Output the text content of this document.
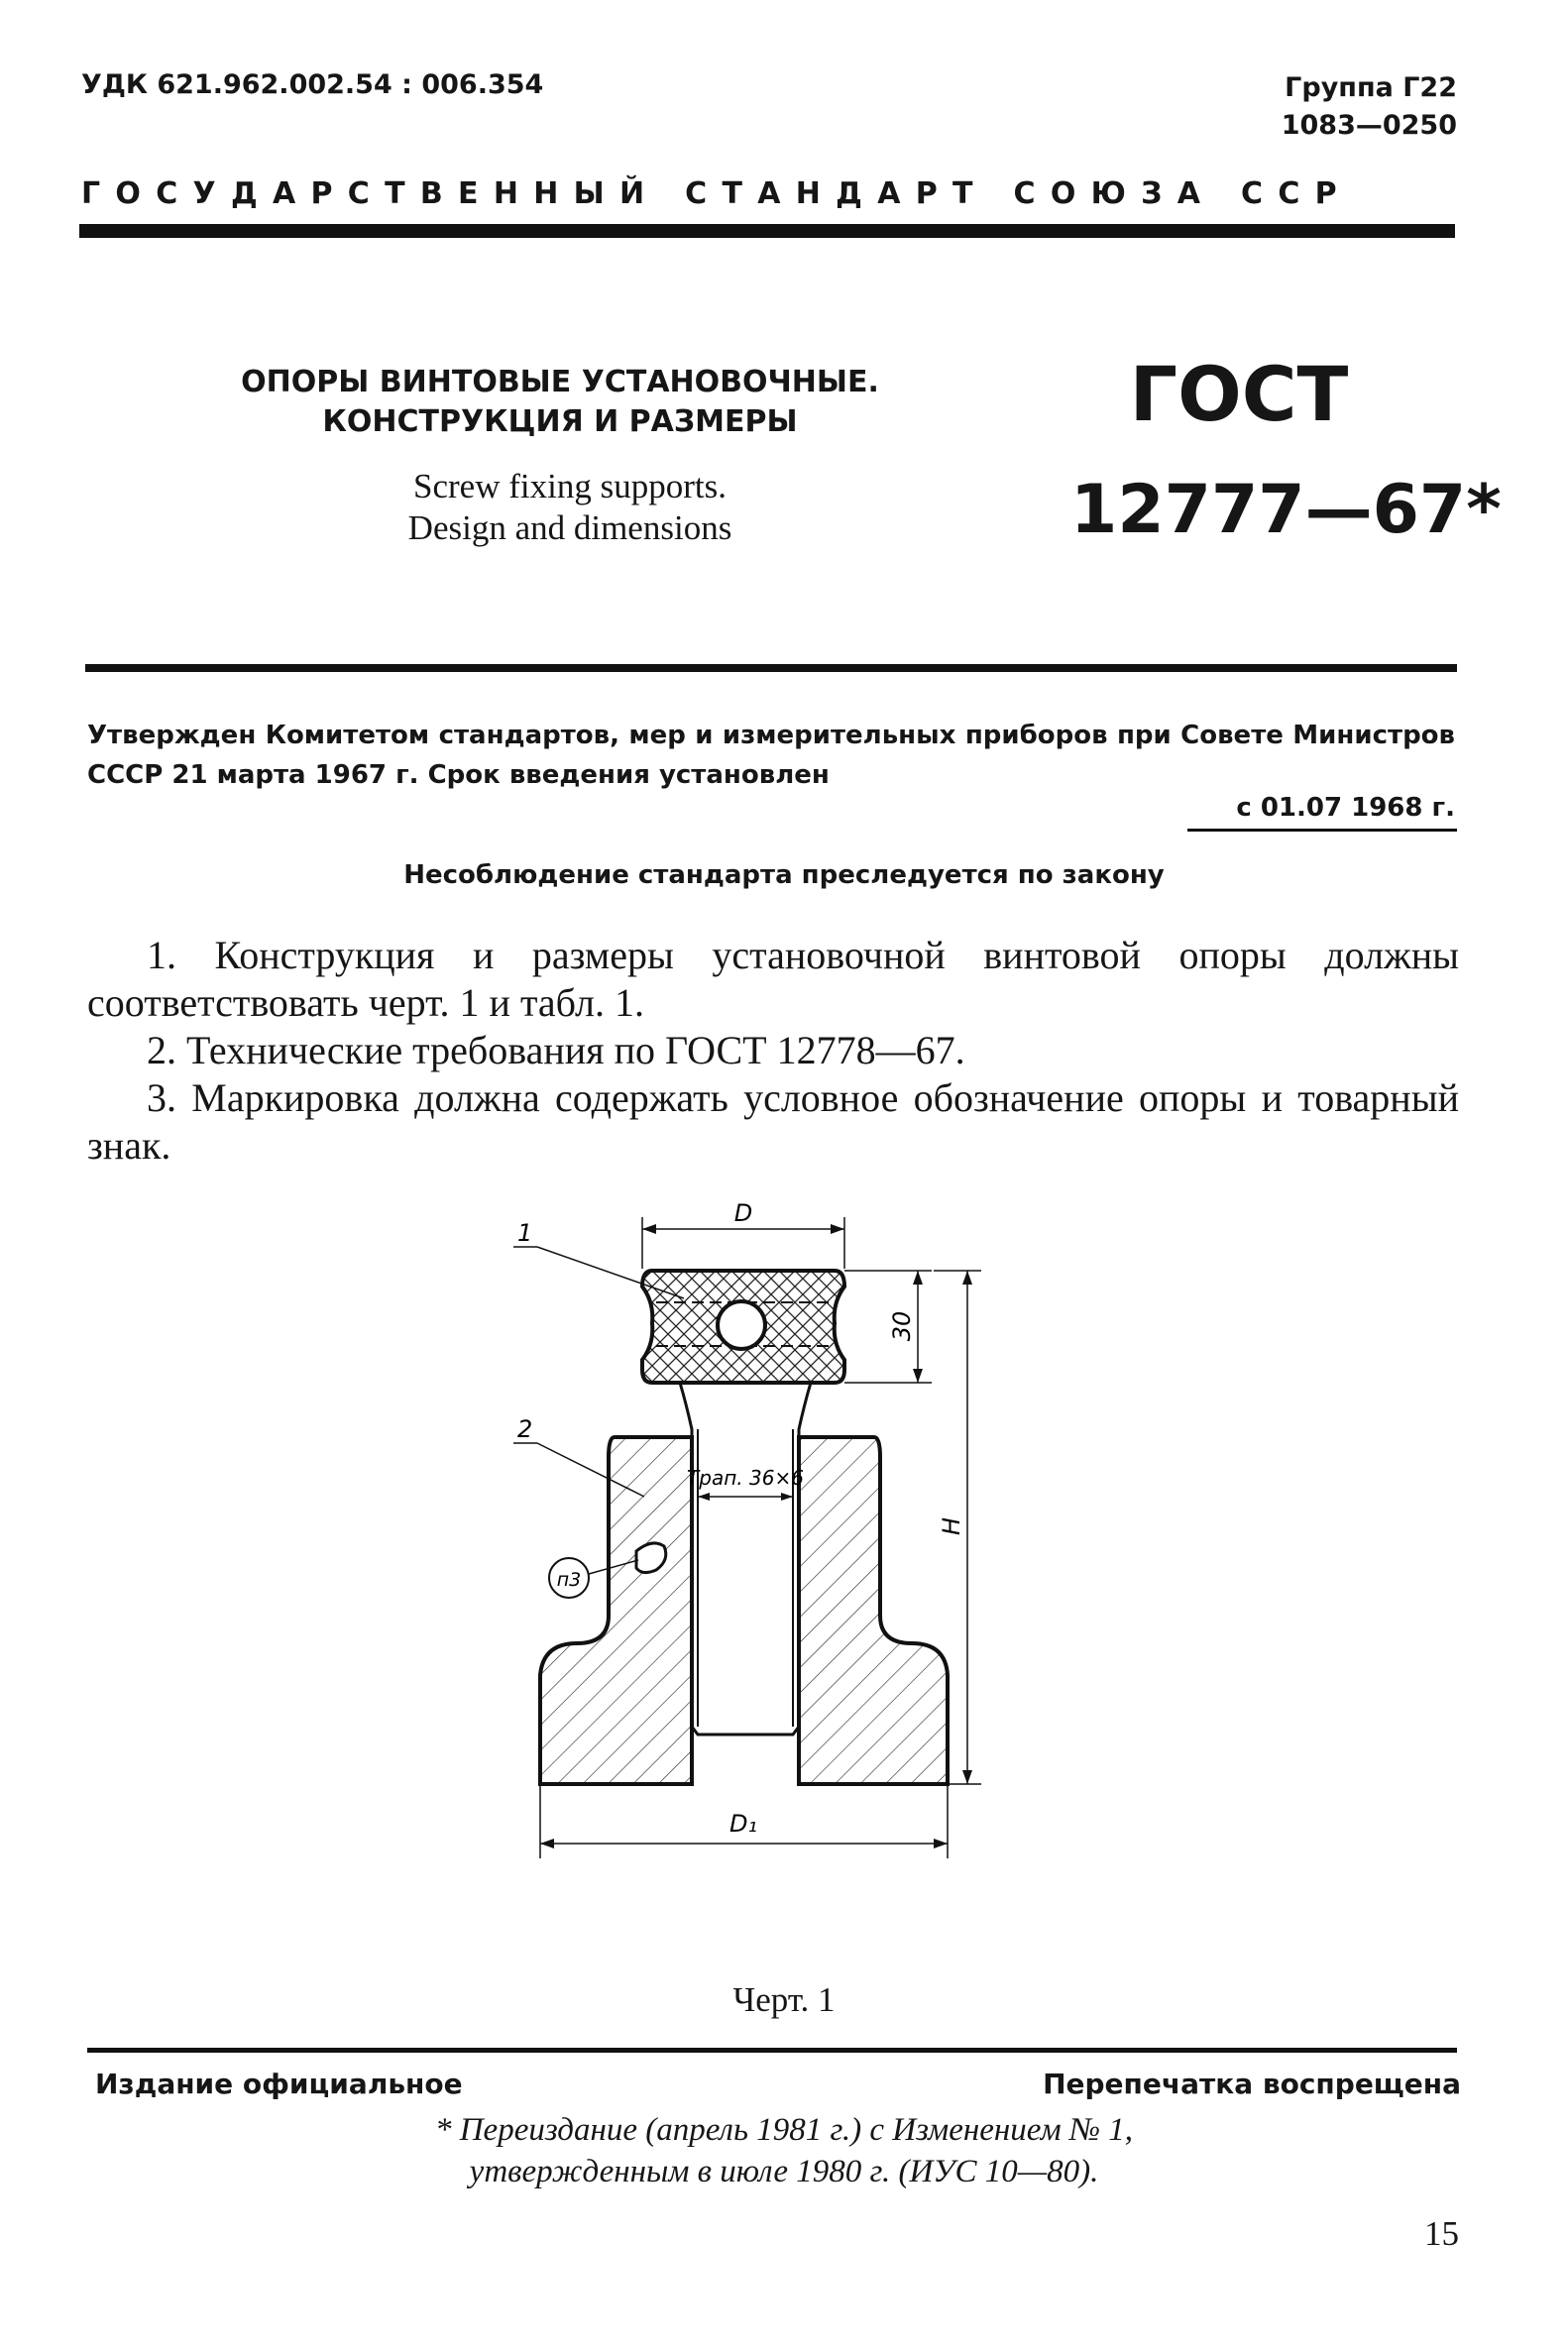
УДК 621.962.002.54 : 006.354	Группа Г22
1083—0250
ГОСУДАРСТВЕННЫЙ СТАНДАРТ СОЮЗА ССР
ОПОРЫ ВИНТОВЫЕ УСТАНОВОЧНЫЕ.
КОНСТРУКЦИЯ И РАЗМЕРЫ
Screw fixing supports.
Design and dimensions
ГОСТ
12777—67*
Утвержден Комитетом стандартов, мер и измерительных приборов при Совете Министров СССР 21 марта 1967 г. Срок введения установлен
с 01.07 1968 г.
Несоблюдение стандарта преследуется по закону
1. Конструкция и размеры установочной винтовой опоры должны соответствовать черт. 1 и табл. 1.
2. Технические требования по ГОСТ 12778—67.
3. Маркировка должна содержать условное обозначение опоры и товарный знак.
D
30
H
D₁
Трап. 36×6
1
2
п3
Черт. 1
Издание официальное	Перепечатка воспрещена
* Переиздание (апрель 1981 г.) с Изменением № 1,
утвержденным в июле 1980 г. (ИУС 10—80).
15
